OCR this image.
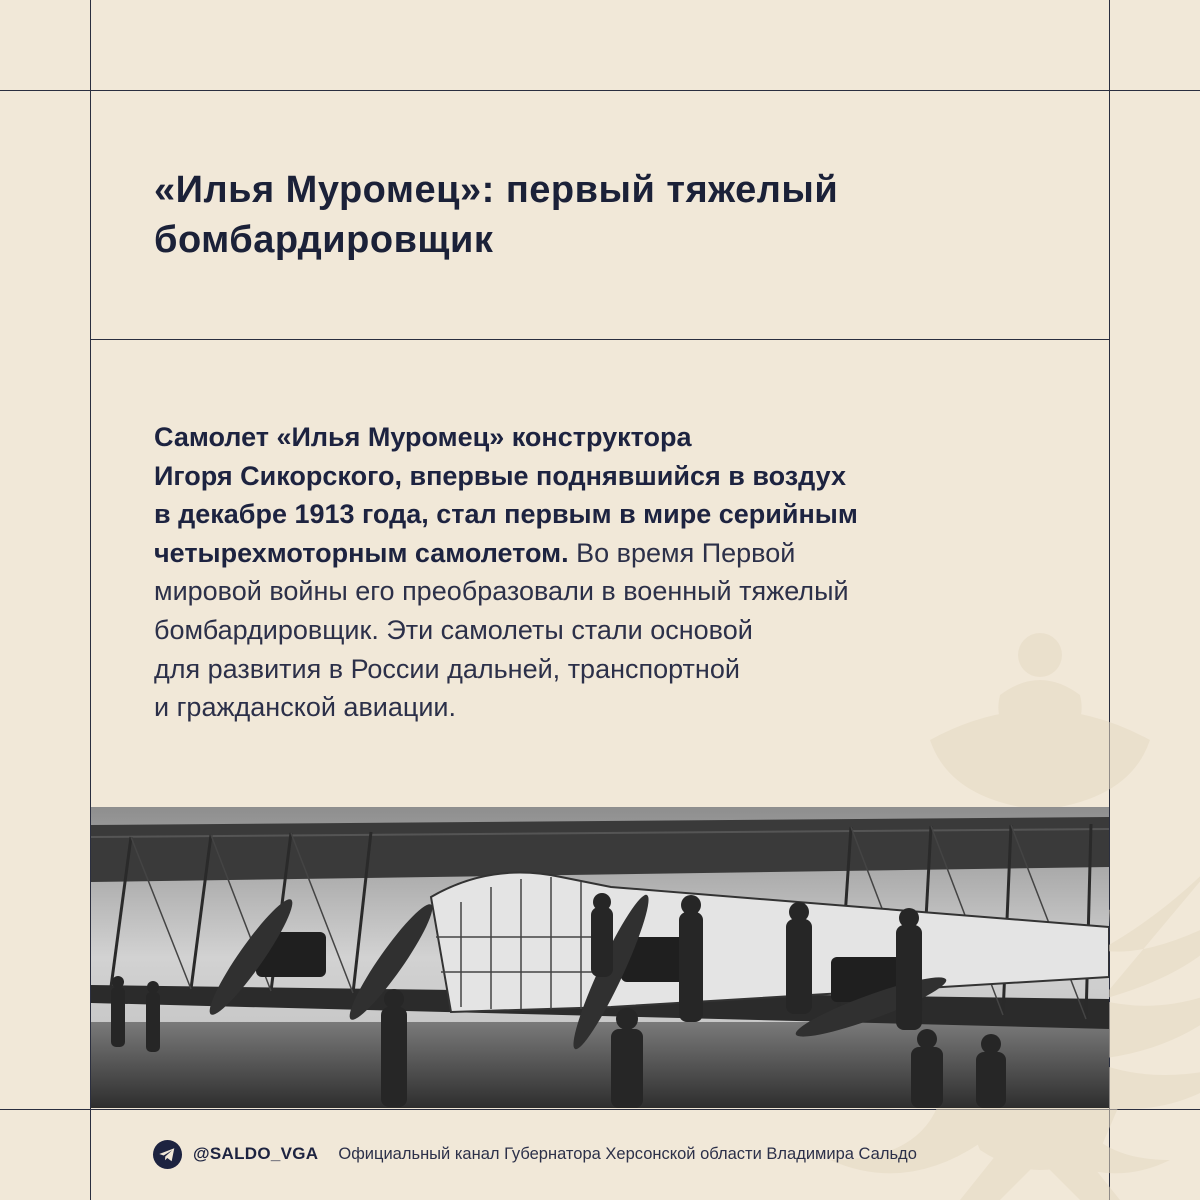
«Илья Муромец»: первый тяжелый
бомбардировщик
Самолет «Илья Муромец» конструктора
Игоря Сикорского, впервые поднявшийся в воздух
в декабре 1913 года, стал первым в мире серийным
четырехмоторным самолетом. Во время Первой
мировой войны его преобразовали в военный тяжелый
бомбардировщик. Эти самолеты стали основой
для развития в России дальней, транспортной
и гражданской авиации.
@SALDO_VGA Официальный канал Губернатора Херсонской области Владимира Сальдо
